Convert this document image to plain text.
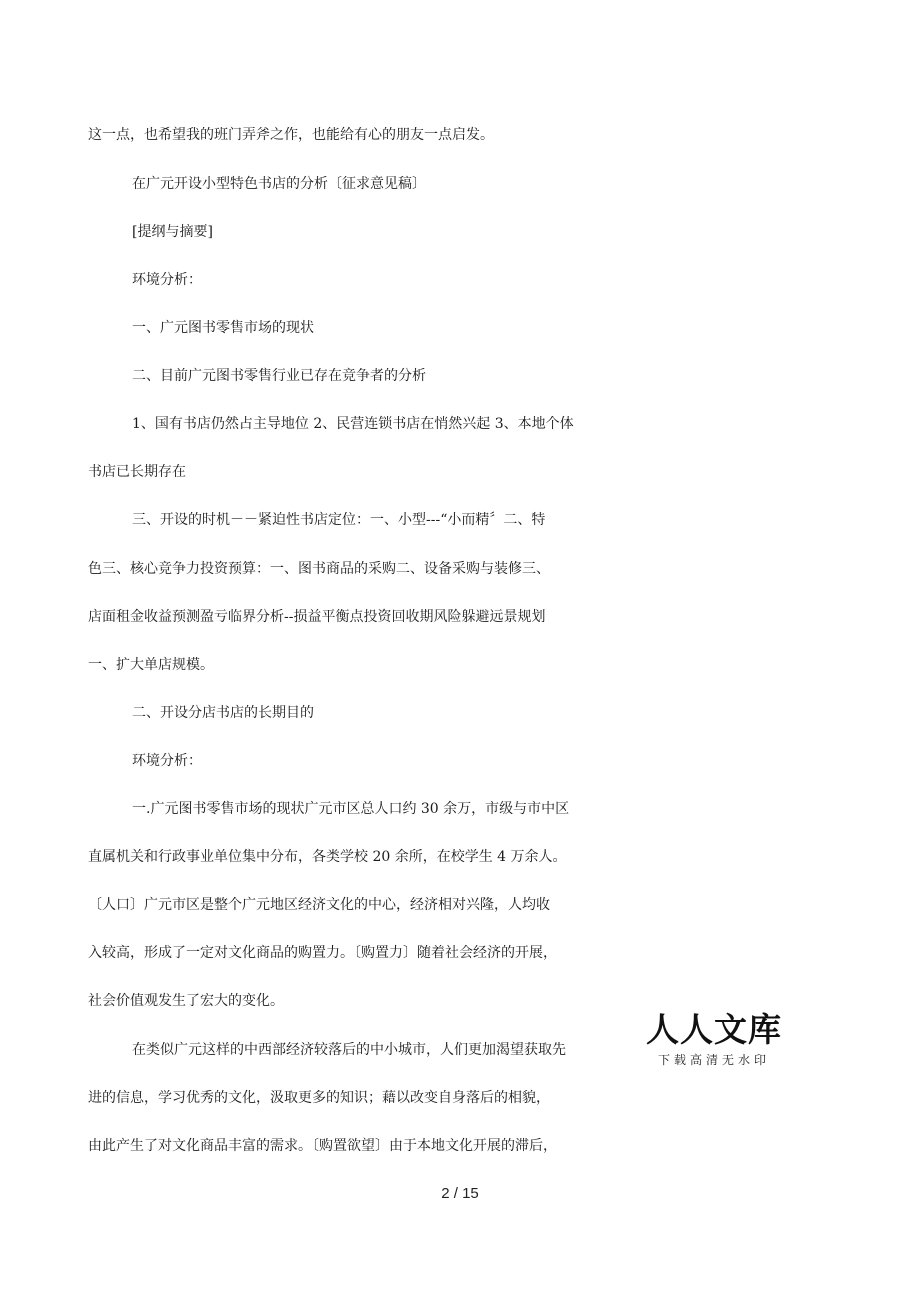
这一点，也希望我的班门弄斧之作，也能给有心的朋友一点启发。
在广元开设小型特色书店的分析〔征求意见稿〕
[提纲与摘要]
环境分析：
一、广元图书零售市场的现状
二、目前广元图书零售行业已存在竞争者的分析
1、国有书店仍然占主导地位 2、民营连锁书店在悄然兴起 3、本地个体
书店已长期存在
三、开设的时机－－紧迫性书店定位：一、小型---“小而精〞二、特
色三、核心竞争力投资预算：一、图书商品的采购二、设备采购与装修三、
店面租金收益预测盈亏临界分析--损益平衡点投资回收期风险躲避远景规划
一、扩大单店规模。
二、开设分店书店的长期目的
环境分析：
一.广元图书零售市场的现状广元市区总人口约 30 余万，市级与市中区
直属机关和行政事业单位集中分布，各类学校 20 余所，在校学生 4 万余人。
〔人口〕广元市区是整个广元地区经济文化的中心，经济相对兴隆，人均收
入较高，形成了一定对文化商品的购置力。〔购置力〕随着社会经济的开展，
社会价值观发生了宏大的变化。
在类似广元这样的中西部经济较落后的中小城市，人们更加渴望获取先
进的信息，学习优秀的文化，汲取更多的知识；藉以改变自身落后的相貌，
由此产生了对文化商品丰富的需求。〔购置欲望〕由于本地文化开展的滞后，
人人文库
下载高清无水印
2 / 15
